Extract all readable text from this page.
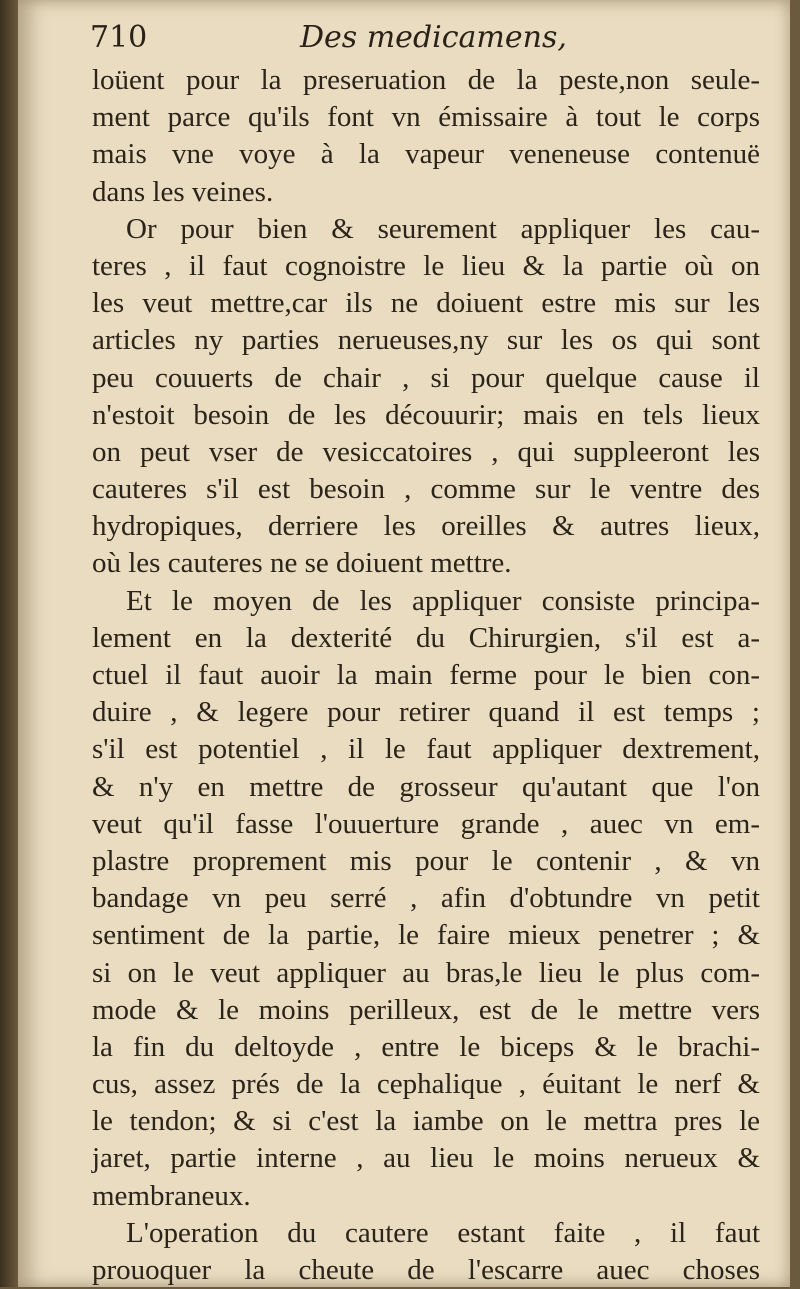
710	Des medicamens,
loüent pour la preseruation de la peste,non seule-
ment parce qu'ils font vn émissaire à tout le corps
mais vne voye à la vapeur veneneuse contenuë
dans les veines.
Or pour bien & seurement appliquer les cau-
teres , il faut cognoistre le lieu & la partie où on
les veut mettre,car ils ne doiuent estre mis sur les
articles ny parties nerueuses,ny sur les os qui sont
peu couuerts de chair , si pour quelque cause il
n'estoit besoin de les découurir; mais en tels lieux
on peut vser de vesiccatoires , qui suppleeront les
cauteres s'il est besoin , comme sur le ventre des
hydropiques, derriere les oreilles & autres lieux,
où les cauteres ne se doiuent mettre.
Et le moyen de les appliquer consiste principa-
lement en la dexterité du Chirurgien, s'il est a-
ctuel il faut auoir la main ferme pour le bien con-
duire , & legere pour retirer quand il est temps ;
s'il est potentiel , il le faut appliquer dextrement,
& n'y en mettre de grosseur qu'autant que l'on
veut qu'il fasse l'ouuerture grande , auec vn em-
plastre proprement mis pour le contenir , & vn
bandage vn peu serré , afin d'obtundre vn petit
sentiment de la partie, le faire mieux penetrer ; &
si on le veut appliquer au bras,le lieu le plus com-
mode & le moins perilleux, est de le mettre vers
la fin du deltoyde , entre le biceps & le brachi-
cus, assez prés de la cephalique , éuitant le nerf &
le tendon; & si c'est la iambe on le mettra pres le
jaret, partie interne , au lieu le moins nerueux &
membraneux.
L'operation du cautere estant faite , il faut
prouoquer la cheute de l'escarre auec choses
